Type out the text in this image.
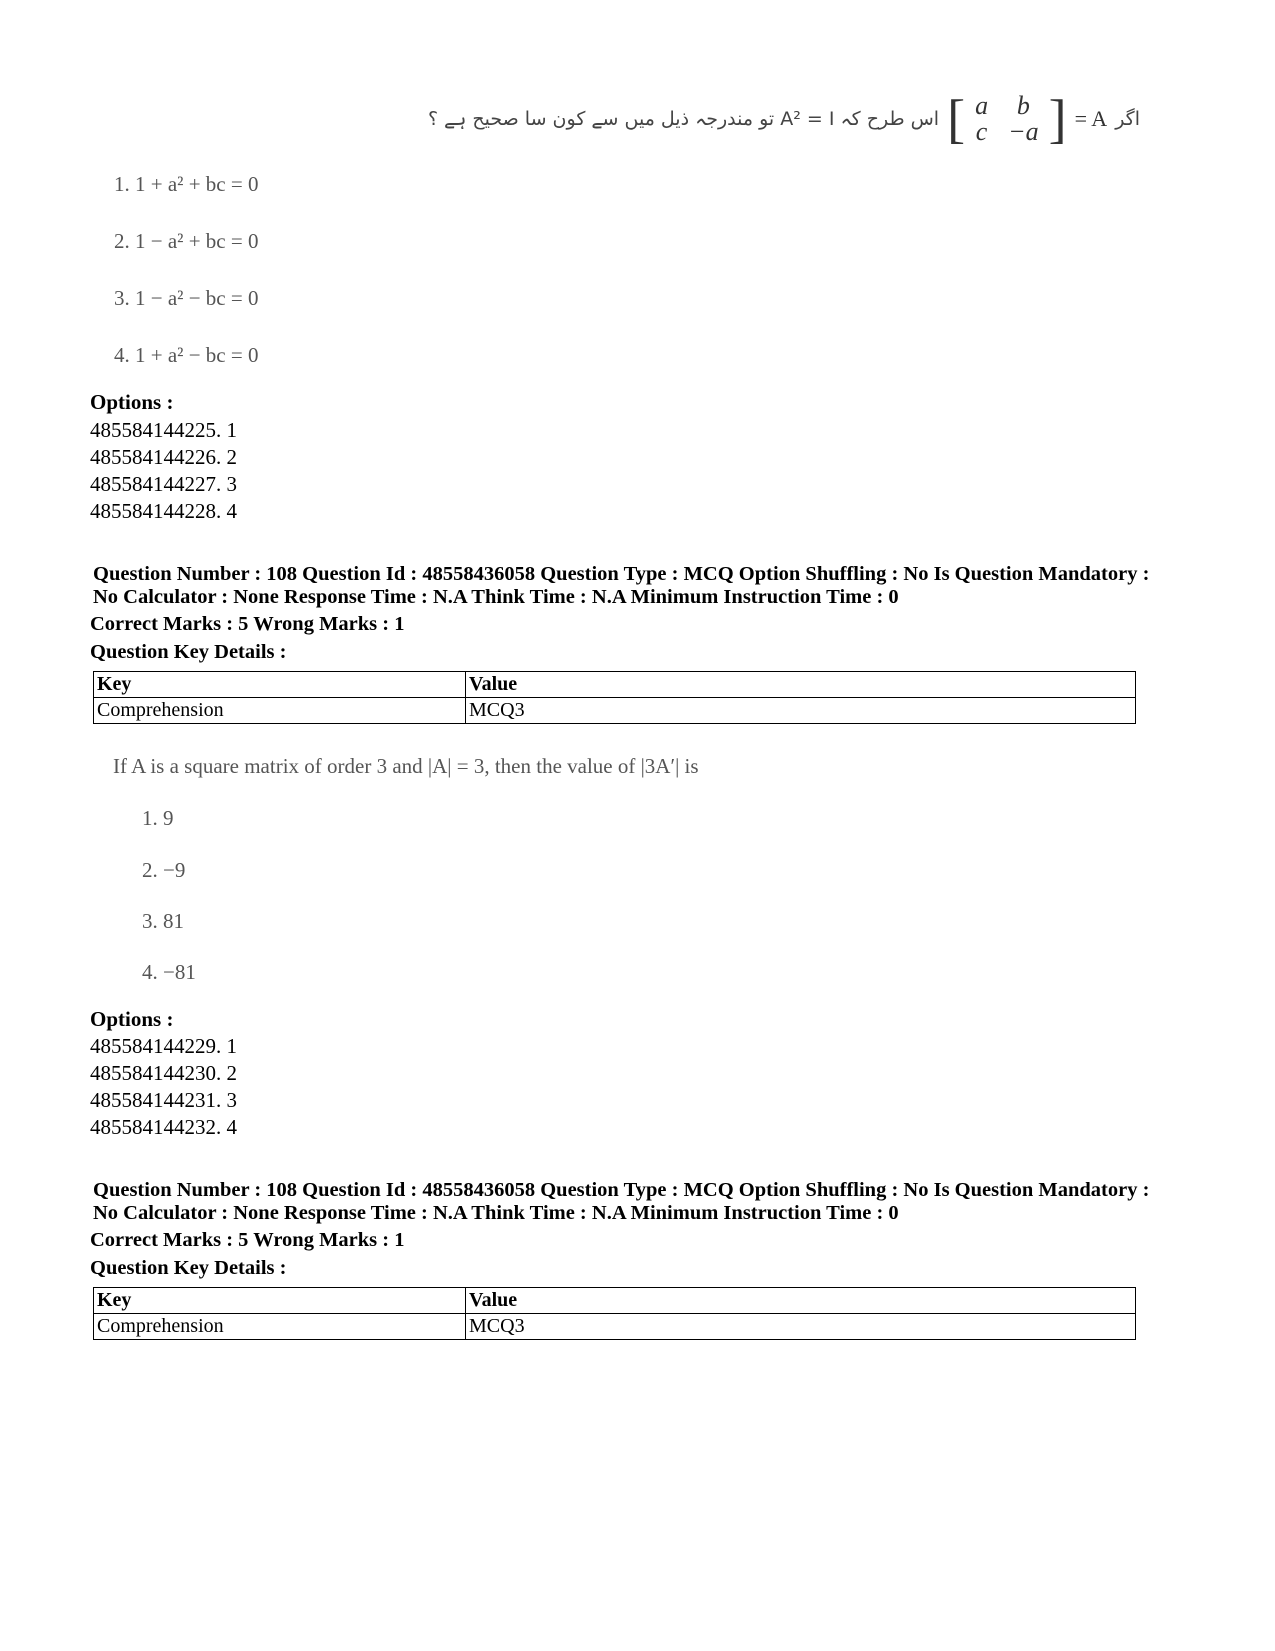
اس طرح کہ A² = I تو مندرجہ ذیل میں سے کون سا صحیح ہے ؟ [ a	b
c	−a ] = A اگر
1. 1 + a² + bc = 0
2. 1 − a² + bc = 0
3. 1 − a² − bc = 0
4. 1 + a² − bc = 0
Options :
485584144225. 1
485584144226. 2
485584144227. 3
485584144228. 4
Question Number : 108 Question Id : 48558436058 Question Type : MCQ Option Shuffling : No Is Question Mandatory :
No Calculator : None Response Time : N.A Think Time : N.A Minimum Instruction Time : 0
Correct Marks : 5 Wrong Marks : 1
Question Key Details :
Key	Value
Comprehension	MCQ3
If A is a square matrix of order 3 and |A| = 3, then the value of |3A′| is
1. 9
2. −9
3. 81
4. −81
Options :
485584144229. 1
485584144230. 2
485584144231. 3
485584144232. 4
Question Number : 108 Question Id : 48558436058 Question Type : MCQ Option Shuffling : No Is Question Mandatory :
No Calculator : None Response Time : N.A Think Time : N.A Minimum Instruction Time : 0
Correct Marks : 5 Wrong Marks : 1
Question Key Details :
Key	Value
Comprehension	MCQ3
